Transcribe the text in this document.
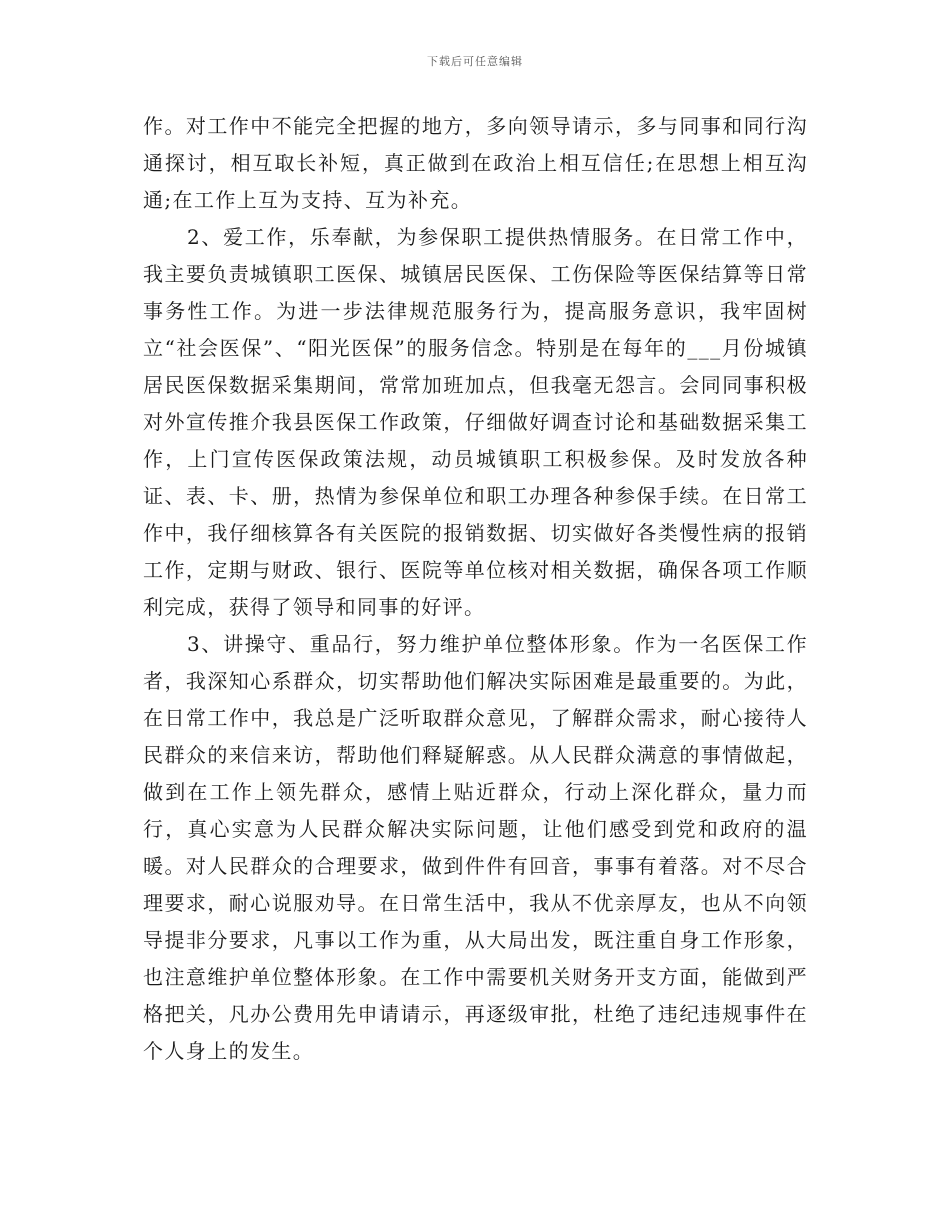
下载后可任意编辑

作。对工作中不能完全把握的地方，多向领导请示，多与同事和同行沟通探讨，相互取长补短，真正做到在政治上相互信任;在思想上相互沟通;在工作上互为支持、互为补充。

2、爱工作，乐奉献，为参保职工提供热情服务。在日常工作中，我主要负责城镇职工医保、城镇居民医保、工伤保险等医保结算等日常事务性工作。为进一步法律规范服务行为，提高服务意识，我牢固树立“社会医保”、“阳光医保”的服务信念。特别是在每年的___月份城镇居民医保数据采集期间，常常加班加点，但我毫无怨言。会同同事积极对外宣传推介我县医保工作政策，仔细做好调查讨论和基础数据采集工作，上门宣传医保政策法规，动员城镇职工积极参保。及时发放各种证、表、卡、册，热情为参保单位和职工办理各种参保手续。在日常工作中，我仔细核算各有关医院的报销数据、切实做好各类慢性病的报销工作，定期与财政、银行、医院等单位核对相关数据，确保各项工作顺利完成，获得了领导和同事的好评。

3、讲操守、重品行，努力维护单位整体形象。作为一名医保工作者，我深知心系群众，切实帮助他们解决实际困难是最重要的。为此，在日常工作中，我总是广泛听取群众意见，了解群众需求，耐心接待人民群众的来信来访，帮助他们释疑解惑。从人民群众满意的事情做起，做到在工作上领先群众，感情上贴近群众，行动上深化群众，量力而行，真心实意为人民群众解决实际问题，让他们感受到党和政府的温暖。对人民群众的合理要求，做到件件有回音，事事有着落。对不尽合理要求，耐心说服劝导。在日常生活中，我从不优亲厚友，也从不向领导提非分要求，凡事以工作为重，从大局出发，既注重自身工作形象，也注意维护单位整体形象。在工作中需要机关财务开支方面，能做到严格把关，凡办公费用先申请请示，再逐级审批，杜绝了违纪违规事件在个人身上的发生。
